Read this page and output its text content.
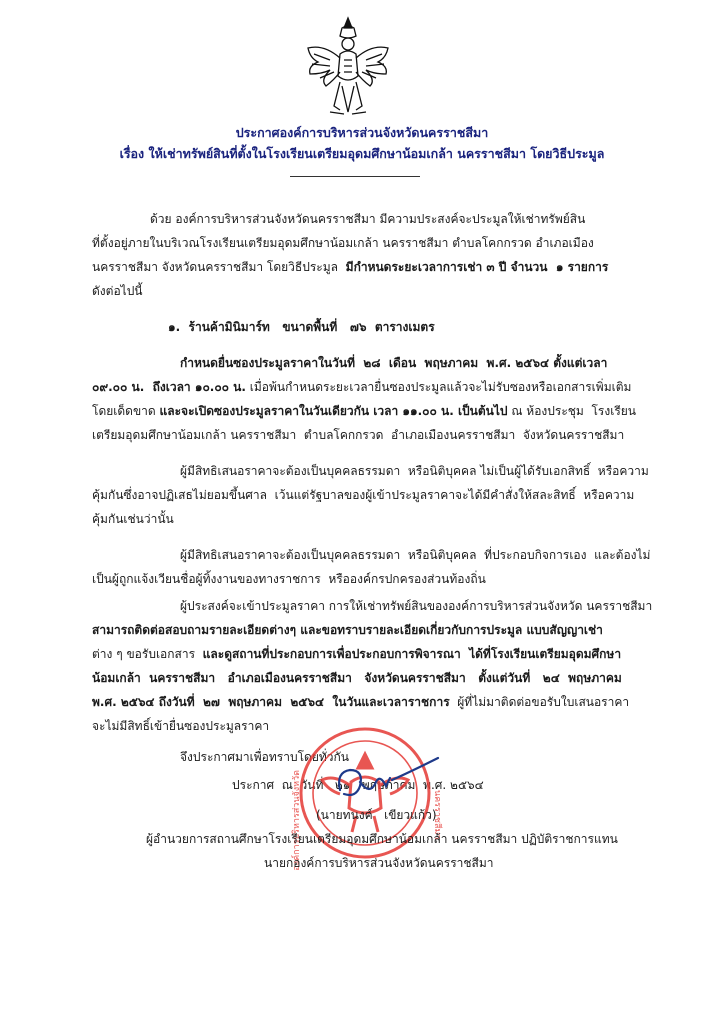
ประกาศองค์การบริหารส่วนจังหวัดนครราชสีมา
เรื่อง ให้เช่าทรัพย์สินที่ตั้งในโรงเรียนเตรียมอุดมศึกษาน้อมเกล้า นครราชสีมา โดยวิธีประมูล
ด้วย องค์การบริหารส่วนจังหวัดนครราชสีมา มีความประสงค์จะประมูลให้เช่าทรัพย์สิน
ที่ตั้งอยู่ภายในบริเวณโรงเรียนเตรียมอุดมศึกษาน้อมเกล้า นครราชสีมา ตำบลโคกกรวด อำเภอเมือง
นครราชสีมา จังหวัดนครราชสีมา โดยวิธีประมูล  มีกำหนดระยะเวลาการเช่า ๓ ปี จำนวน  ๑ รายการ
ดังต่อไปนี้
๑.  ร้านค้ามินิมาร์ท   ขนาดพื้นที่   ๗๖  ตารางเมตร
กำหนดยื่นซองประมูลราคาในวันที่  ๒๘  เดือน  พฤษภาคม  พ.ศ. ๒๕๖๔ ตั้งแต่เวลา
๐๙.๐๐ น.  ถึงเวลา ๑๐.๐๐ น. เมื่อพ้นกำหนดระยะเวลายื่นซองประมูลแล้วจะไม่รับซองหรือเอกสารเพิ่มเติม
โดยเด็ดขาด และจะเปิดซองประมูลราคาในวันเดียวกัน เวลา ๑๑.๐๐ น. เป็นต้นไป ณ ห้องประชุม  โรงเรียน
เตรียมอุดมศึกษาน้อมเกล้า นครราชสีมา  ตำบลโคกกรวด  อำเภอเมืองนครราชสีมา  จังหวัดนครราชสีมา
ผู้มีสิทธิเสนอราคาจะต้องเป็นบุคคลธรรมดา  หรือนิติบุคคล ไม่เป็นผู้ได้รับเอกสิทธิ์  หรือความ
คุ้มกันซึ่งอาจปฏิเสธไม่ยอมขึ้นศาล  เว้นแต่รัฐบาลของผู้เข้าประมูลราคาจะได้มีคำสั่งให้สละสิทธิ์  หรือความ
คุ้มกันเช่นว่านั้น
ผู้มีสิทธิเสนอราคาจะต้องเป็นบุคคลธรรมดา  หรือนิติบุคคล  ที่ประกอบกิจการเอง  และต้องไม่
เป็นผู้ถูกแจ้งเวียนชื่อผู้ทิ้งงานของทางราชการ  หรือองค์กรปกครองส่วนท้องถิ่น
ผู้ประสงค์จะเข้าประมูลราคา การให้เช่าทรัพย์สินขององค์การบริหารส่วนจังหวัด นครราชสีมา
สามารถติดต่อสอบถามรายละเอียดต่างๆ และขอทราบรายละเอียดเกี่ยวกับการประมูล แบบสัญญาเช่า
ต่าง ๆ ขอรับเอกสาร  และดูสถานที่ประกอบการเพื่อประกอบการพิจารณา  ได้ที่โรงเรียนเตรียมอุดมศึกษา
น้อมเกล้า  นครราชสีมา   อำเภอเมืองนครราชสีมา   จังหวัดนครราชสีมา   ตั้งแต่วันที่   ๒๔  พฤษภาคม
พ.ศ. ๒๕๖๔ ถึงวันที่  ๒๗  พฤษภาคม  ๒๕๖๔  ในวันและเวลาราชการ  ผู้ที่ไม่มาติดต่อขอรับใบเสนอราคา
จะไม่มีสิทธิ์เข้ายื่นซองประมูลราคา
จึงประกาศมาเพื่อทราบโดยทั่วกัน
ประกาศ  ณ  วันที่   ๒๑   พฤษภาคม  พ.ศ. ๒๕๖๔
องค์การบริหารส่วนจังหวัด	นครราชสีมา
(นายทนงค์   เขียวแก้ว)
ผู้อำนวยการสถานศึกษาโรงเรียนเตรียมอุดมศึกษาน้อมเกล้า นครราชสีมา ปฏิบัติราชการแทน
นายกองค์การบริหารส่วนจังหวัดนครราชสีมา
